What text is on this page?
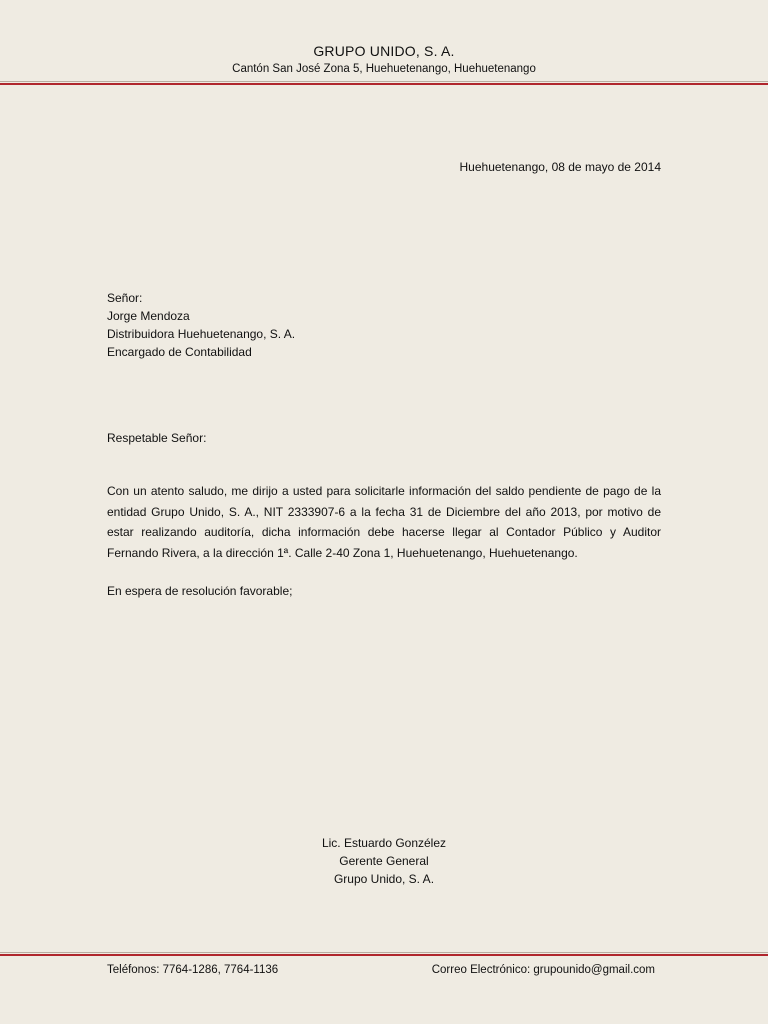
GRUPO UNIDO, S. A.
Cantón San José Zona 5, Huehuetenango, Huehuetenango
Huehuetenango, 08 de mayo de 2014
Señor:
Jorge Mendoza
Distribuidora Huehuetenango, S. A.
Encargado de Contabilidad
Respetable Señor:
Con un atento saludo, me dirijo a usted para solicitarle información del saldo pendiente de pago de la entidad Grupo Unido, S. A., NIT 2333907-6 a la fecha 31 de Diciembre del año 2013, por motivo de estar realizando auditoría, dicha información debe hacerse llegar al Contador Público y Auditor Fernando Rivera, a la dirección 1ª. Calle 2-40 Zona 1, Huehuetenango, Huehuetenango.
En espera de resolución favorable;
Lic. Estuardo Gonzélez
Gerente General
Grupo Unido, S. A.
Teléfonos: 7764-1286, 7764-1136	Correo Electrónico: grupounido@gmail.com
